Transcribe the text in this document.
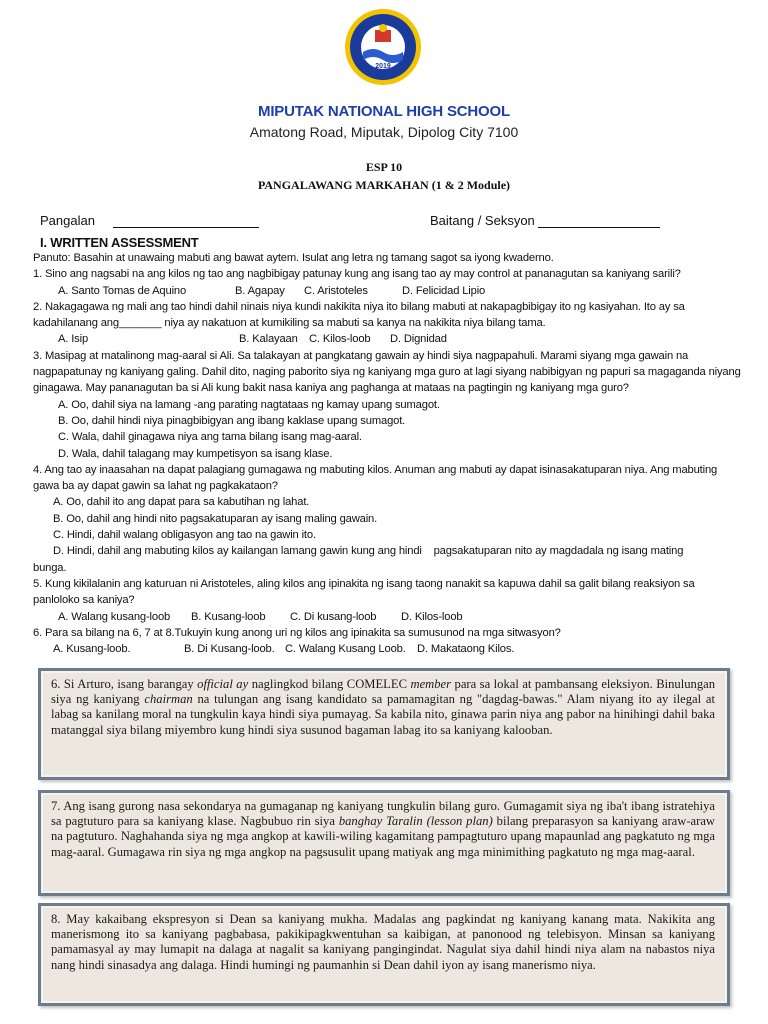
2019
MIPUTAK NATIONAL HIGH SCHOOL
Amatong Road, Miputak, Dipolog City 7100
ESP 10
PANGALAWANG MARKAHAN (1 & 2 Module)
Pangalan	Baitang / Seksyon
I. WRITTEN ASSESSMENT

Panuto: Basahin at unawaing mabuti ang bawat aytem. Isulat ang letra ng tamang sagot sa iyong kwaderno.

1. Sino ang nagsabi na ang kilos ng tao ang nagbibigay patunay kung ang isang tao ay may control at pananagutan sa kaniyang sarili?

A. Santo Tomas de Aquino	B. Agapay C. Aristoteles	D. Felicidad Lipio

2. Nakagagawa ng mali ang tao hindi dahil ninais niya kundi nakikita niya ito bilang mabuti at nakapagbibigay ito ng kasiyahan. Ito ay sa kadahilanang ang_______ niya ay nakatuon at kumikiling sa mabuti sa kanya na nakikita niya bilang tama.

A. Isip	B. Kalayaan C. Kilos-loob D. Dignidad

3. Masipag at matalinong mag-aaral si Ali. Sa talakayan at pangkatang gawain ay hindi siya nagpapahuli. Marami siyang mga gawain na nagpapatunay ng kaniyang galing. Dahil dito, naging paborito siya ng kaniyang mga guro at lagi siyang nabibigyan ng papuri sa magaganda niyang ginagawa. May pananagutan ba si Ali kung bakit nasa kaniya ang paghanga at mataas na pagtingin ng kaniyang mga guro?

A. Oo, dahil siya na lamang -ang parating nagtataas ng kamay upang sumagot.

B. Oo, dahil hindi niya pinagbibigyan ang ibang kaklase upang sumagot.

C. Wala, dahil ginagawa niya ang tama bilang isang mag-aaral.

D. Wala, dahil talagang may kumpetisyon sa isang klase.

4. Ang tao ay inaasahan na dapat palagiang gumagawa ng mabuting kilos. Anuman ang mabuti ay dapat isinasakatuparan niya. Ang mabuting gawa ba ay dapat gawin sa lahat ng pagkakataon?

A. Oo, dahil ito ang dapat para sa kabutihan ng lahat.

B. Oo, dahil ang hindi nito pagsakatuparan ay isang maling gawain.

C. Hindi, dahil walang obligasyon ang tao na gawin ito.

D. Hindi, dahil ang mabuting kilos ay kailangan lamang gawin kung ang hindi pagsakatuparan nito ay magdadala ng isang mating

bunga.

5. Kung kikilalanin ang katuruan ni Aristoteles, aling kilos ang ipinakita ng isang taong nanakit sa kapuwa dahil sa galit bilang reaksiyon sa panloloko sa kaniya?

A. Walang kusang-loob B. Kusang-loob C. Di kusang-loob D. Kilos-loob

6. Para sa bilang na 6, 7 at 8.Tukuyin kung anong uri ng kilos ang ipinakita sa sumusunod na mga sitwasyon?

A. Kusang-loob.	B. Di Kusang-loob. C. Walang Kusang Loob. D. Makataong Kilos.

6. Si Arturo, isang barangay official ay naglingkod bilang COMELEC member para sa lokal at pambansang eleksiyon. Binulungan siya ng kaniyang chairman na tulungan ang isang kandidato sa pamamagitan ng "dagdag-bawas." Alam niyang ito ay ilegal at labag sa kanilang moral na tungkulin kaya hindi siya pumayag. Sa kabila nito, ginawa parin niya ang pabor na hinihingi dahil baka matanggal siya bilang miyembro kung hindi siya susunod bagaman labag ito sa kaniyang kalooban.
7. Ang isang gurong nasa sekondarya na gumaganap ng kaniyang tungkulin bilang guro. Gumagamit siya ng iba't ibang istratehiya sa pagtuturo para sa kaniyang klase. Nagbubuo rin siya banghay Taralin (lesson plan) bilang preparasyon sa kaniyang araw-araw na pagtuturo. Naghahanda siya ng mga angkop at kawili-wiling kagamitang pampagtuturo upang mapaunlad ang pagkatuto ng mga mag-aaral. Gumagawa rin siya ng mga angkop na pagsusulit upang matiyak ang mga minimithing pagkatuto ng mga mag-aaral.
8. May kakaibang ekspresyon si Dean sa kaniyang mukha. Madalas ang pagkindat ng kaniyang kanang mata. Nakikita ang manerismong ito sa kaniyang pagbabasa, pakikipagkwentuhan sa kaibigan, at panonood ng telebisyon. Minsan sa kaniyang pamamasyal ay may lumapit na dalaga at nagalit sa kaniyang pangingindat. Nagulat siya dahil hindi niya alam na nabastos niya nang hindi sinasadya ang dalaga. Hindi humingi ng paumanhin si Dean dahil iyon ay isang manerismo niya.
